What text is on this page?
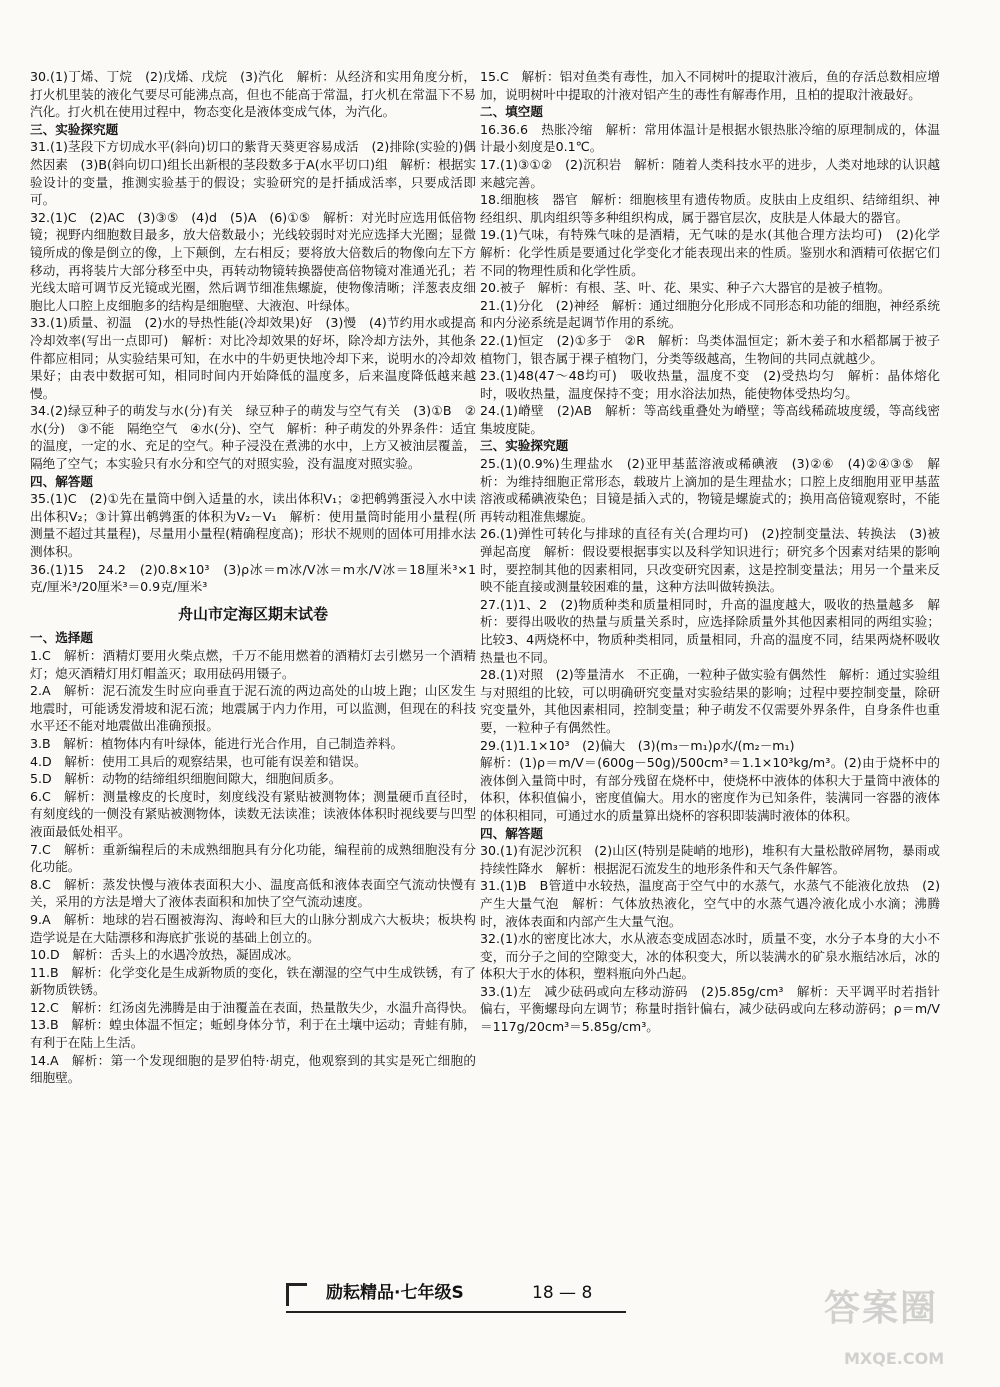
30.(1)丁烯、丁烷　(2)戊烯、戊烷　(3)汽化　解析：从经济和实用角度分析，打火机里装的液化气要尽可能沸点高，但也不能高于常温，打火机在常温下不易汽化。打火机在使用过程中，物态变化是液体变成气体，为汽化。

三、实验探究题

31.(1)茎段下方切成水平(斜向)切口的紫背天葵更容易成活　(2)排除(实验的)偶然因素　(3)B(斜向切口)组长出新根的茎段数多于A(水平切口)组　解析：根据实验设计的变量，推测实验基于的假设；实验研究的是扦插成活率，只要成活即可。

32.(1)C　(2)AC　(3)③⑤　(4)d　(5)A　(6)①⑤　解析：对光时应选用低倍物镜；视野内细胞数目最多，放大倍数最小；光线较弱时对光应选择大光圈；显微镜所成的像是倒立的像，上下颠倒，左右相反；要将放大倍数后的物像向左下方移动，再将装片大部分移至中央，再转动物镜转换器使高倍物镜对准通光孔；若光线太暗可调节反光镜或光圈，然后调节细准焦螺旋，使物像清晰；洋葱表皮细胞比人口腔上皮细胞多的结构是细胞壁、大液泡、叶绿体。

33.(1)质量、初温　(2)水的导热性能(冷却效果)好　(3)慢　(4)节约用水或提高冷却效率(写出一点即可)　解析：对比冷却效果的好坏，除冷却方法外，其他条件都应相同；从实验结果可知，在水中的牛奶更快地冷却下来，说明水的冷却效果好；由表中数据可知，相同时间内开始降低的温度多，后来温度降低越来越慢。

34.(2)绿豆种子的萌发与水(分)有关　绿豆种子的萌发与空气有关　(3)①B　②水(分)　③不能　隔绝空气　④水(分)、空气　解析：种子萌发的外界条件：适宜的温度，一定的水、充足的空气。种子浸没在煮沸的水中，上方又被油层覆盖，隔绝了空气；本实验只有水分和空气的对照实验，没有温度对照实验。

四、解答题

35.(1)C　(2)①先在量筒中倒入适量的水，读出体积V₁；②把鹌鹑蛋浸入水中读出体积V₂；③计算出鹌鹑蛋的体积为V₂－V₁　解析：使用量筒时能用小量程(所测量不超过其量程)，尽量用小量程(精确程度高)；形状不规则的固体可用排水法测体积。

36.(1)15　24.2　(2)0.8×10³　(3)ρ冰＝m冰/V冰＝m水/V冰＝18厘米³×1克/厘米³/20厘米³＝0.9克/厘米³

舟山市定海区期末试卷

一、选择题

1.C　解析：酒精灯要用火柴点燃，千万不能用燃着的酒精灯去引燃另一个酒精灯；熄灭酒精灯用灯帽盖灭；取用砝码用镊子。

2.A　解析：泥石流发生时应向垂直于泥石流的两边高处的山坡上跑；山区发生地震时，可能诱发滑坡和泥石流；地震属于内力作用，可以监测，但现在的科技水平还不能对地震做出准确预报。

3.B　解析：植物体内有叶绿体，能进行光合作用，自己制造养料。

4.D　解析：使用工具后的观察结果，也可能有误差和错误。

5.D　解析：动物的结缔组织细胞间隙大，细胞间质多。

6.C　解析：测量橡皮的长度时，刻度线没有紧贴被测物体；测量硬币直径时，有刻度线的一侧没有紧贴被测物体，读数无法读准；读液体体积时视线要与凹型液面最低处相平。

7.C　解析：重新编程后的未成熟细胞具有分化功能，编程前的成熟细胞没有分化功能。

8.C　解析：蒸发快慢与液体表面积大小、温度高低和液体表面空气流动快慢有关，采用的方法是增大了液体表面积和加快了空气流动速度。

9.A　解析：地球的岩石圈被海沟、海岭和巨大的山脉分割成六大板块；板块构造学说是在大陆漂移和海底扩张说的基础上创立的。

10.D　解析：舌头上的水遇冷放热，凝固成冰。

11.B　解析：化学变化是生成新物质的变化，铁在潮湿的空气中生成铁锈，有了新物质铁锈。

12.C　解析：红汤卤先沸腾是由于油覆盖在表面，热量散失少，水温升高得快。

13.B　解析：蝗虫体温不恒定；蚯蚓身体分节，利于在土壤中运动；青蛙有肺，有利于在陆上生活。

14.A　解析：第一个发现细胞的是罗伯特·胡克，他观察到的其实是死亡细胞的细胞壁。

15.C　解析：铝对鱼类有毒性，加入不同树叶的提取汁液后，鱼的存活总数相应增加，说明树叶中提取的汁液对铝产生的毒性有解毒作用，且柏的提取汁液最好。

二、填空题

16.36.6　热胀冷缩　解析：常用体温计是根据水银热胀冷缩的原理制成的，体温计最小刻度是0.1℃。

17.(1)③①②　(2)沉积岩　解析：随着人类科技水平的进步，人类对地球的认识越来越完善。

18.细胞核　器官　解析：细胞核里有遗传物质。皮肤由上皮组织、结缔组织、神经组织、肌肉组织等多种组织构成，属于器官层次，皮肤是人体最大的器官。

19.(1)气味，有特殊气味的是酒精，无气味的是水(其他合理方法均可)　(2)化学　解析：化学性质是要通过化学变化才能表现出来的性质。鉴别水和酒精可依据它们不同的物理性质和化学性质。

20.被子　解析：有根、茎、叶、花、果实、种子六大器官的是被子植物。

21.(1)分化　(2)神经　解析：通过细胞分化形成不同形态和功能的细胞，神经系统和内分泌系统是起调节作用的系统。

22.(1)恒定　(2)①多于　②R　解析：鸟类体温恒定；新木姜子和水稻都属于被子植物门，银杏属于裸子植物门，分类等级越高，生物间的共同点就越少。

23.(1)48(47～48均可)　吸收热量，温度不变　(2)受热均匀　解析：晶体熔化时，吸收热量，温度保持不变；用水浴法加热，能使物体受热均匀。

24.(1)嵴壁　(2)AB　解析：等高线重叠处为嵴壁；等高线稀疏坡度缓，等高线密集坡度陡。

三、实验探究题

25.(1)(0.9%)生理盐水　(2)亚甲基蓝溶液或稀碘液　(3)②⑥　(4)②④③⑤　解析：为维持细胞正常形态，载玻片上滴加的是生理盐水；口腔上皮细胞用亚甲基蓝溶液或稀碘液染色；目镜是插入式的，物镜是螺旋式的；换用高倍镜观察时，不能再转动粗准焦螺旋。

26.(1)弹性可转化与排球的直径有关(合理均可)　(2)控制变量法、转换法　(3)被弹起高度　解析：假设要根据事实以及科学知识进行；研究多个因素对结果的影响时，要控制其他的因素相同，只改变研究因素，这是控制变量法；用另一个量来反映不能直接或测量较困难的量，这种方法叫做转换法。

27.(1)1、2　(2)物质种类和质量相同时，升高的温度越大，吸收的热量越多　解析：要得出吸收的热量与质量关系时，应选择除质量外其他因素相同的两组实验；比较3、4两烧杯中，物质种类相同，质量相同，升高的温度不同，结果两烧杯吸收热量也不同。

28.(1)对照　(2)等量清水　不正确，一粒种子做实验有偶然性　解析：通过实验组与对照组的比较，可以明确研究变量对实验结果的影响；过程中要控制变量，除研究变量外，其他因素相同，控制变量；种子萌发不仅需要外界条件，自身条件也重要，一粒种子有偶然性。

29.(1)1.1×10³　(2)偏大　(3)(m₃－m₁)ρ水/(m₂－m₁)

解析：(1)ρ＝m/V＝(600g－50g)/500cm³＝1.1×10³kg/m³。(2)由于烧杯中的液体倒入量筒中时，有部分残留在烧杯中，使烧杯中液体的体积大于量筒中液体的体积，体积值偏小，密度值偏大。用水的密度作为已知条件，装满同一容器的液体的体积相同，可通过水的质量算出烧杯的容积即装满时液体的体积。

四、解答题

30.(1)有泥沙沉积　(2)山区(特别是陡峭的地形)，堆积有大量松散碎屑物，暴雨或持续性降水　解析：根据泥石流发生的地形条件和天气条件解答。

31.(1)B　B管道中水较热，温度高于空气中的水蒸气，水蒸气不能液化放热　(2)产生大量气泡　解析：气体放热液化，空气中的水蒸气遇冷液化成小水滴；沸腾时，液体表面和内部产生大量气泡。

32.(1)水的密度比冰大，水从液态变成固态冰时，质量不变，水分子本身的大小不变，而分子之间的空隙变大，冰的体积变大，所以装满水的矿泉水瓶结冰后，冰的体积大于水的体积，塑料瓶向外凸起。

33.(1)左　减少砝码或向左移动游码　(2)5.85g/cm³　解析：天平调平时若指针偏右，平衡螺母向左调节；称量时指针偏右，减少砝码或向左移动游码；ρ＝m/V＝117g/20cm³＝5.85g/cm³。

励耘精品·七年级S	18 — 8	答案圈
MXQE.COM
